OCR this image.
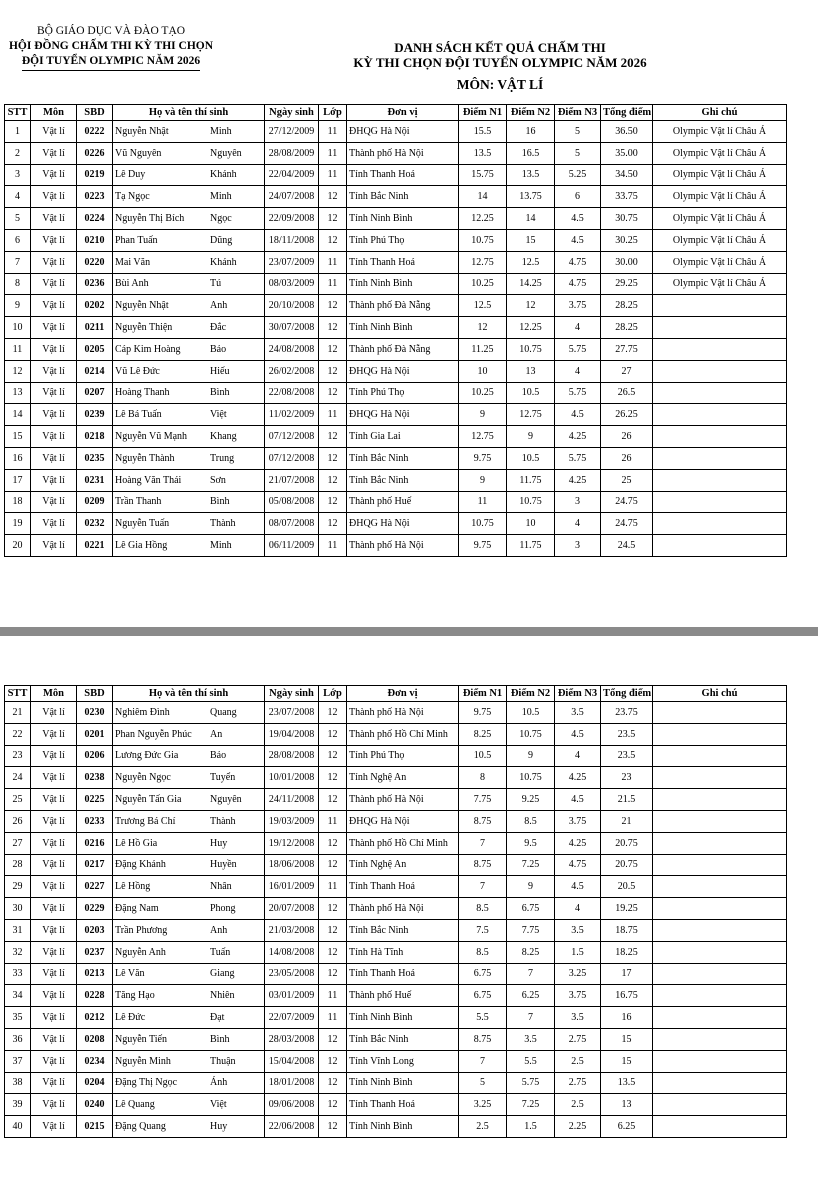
BỘ GIÁO DỤC VÀ ĐÀO TẠO
HỘI ĐỒNG CHẤM THI KỲ THI CHỌN
ĐỘI TUYỂN OLYMPIC NĂM 2026
DANH SÁCH KẾT QUẢ CHẤM THI
KỲ THI CHỌN ĐỘI TUYỂN OLYMPIC NĂM 2026
MÔN: VẬT LÍ
STT	Môn	SBD	Họ và tên thí sinh	Ngày sinh	Lớp	Đơn vị	Điểm N1	Điểm N2	Điểm N3	Tổng điểm	Ghi chú
1	Vật lí	0222	Nguyễn Nhật Minh	27/12/2009	11	ĐHQG Hà Nội	15.5	16	5	36.50	Olympic Vật lí Châu Á
2	Vật lí	0226	Vũ Nguyên Nguyên	28/08/2009	11	Thành phố Hà Nội	13.5	16.5	5	35.00	Olympic Vật lí Châu Á
3	Vật lí	0219	Lê Duy Khánh	22/04/2009	11	Tỉnh Thanh Hoá	15.75	13.5	5.25	34.50	Olympic Vật lí Châu Á
4	Vật lí	0223	Tạ Ngọc Minh	24/07/2008	12	Tỉnh Bắc Ninh	14	13.75	6	33.75	Olympic Vật lí Châu Á
5	Vật lí	0224	Nguyễn Thị Bích Ngọc	22/09/2008	12	Tỉnh Ninh Bình	12.25	14	4.5	30.75	Olympic Vật lí Châu Á
6	Vật lí	0210	Phan Tuấn Dũng	18/11/2008	12	Tỉnh Phú Thọ	10.75	15	4.5	30.25	Olympic Vật lí Châu Á
7	Vật lí	0220	Mai Văn Khánh	23/07/2009	11	Tỉnh Thanh Hoá	12.75	12.5	4.75	30.00	Olympic Vật lí Châu Á
8	Vật lí	0236	Bùi Anh Tú	08/03/2009	11	Tỉnh Ninh Bình	10.25	14.25	4.75	29.25	Olympic Vật lí Châu Á
9	Vật lí	0202	Nguyễn Nhật Anh	20/10/2008	12	Thành phố Đà Nẵng	12.5	12	3.75	28.25	
10	Vật lí	0211	Nguyễn Thiện Đắc	30/07/2008	12	Tỉnh Ninh Bình	12	12.25	4	28.25	
11	Vật lí	0205	Cáp Kim Hoàng Bảo	24/08/2008	12	Thành phố Đà Nẵng	11.25	10.75	5.75	27.75	
12	Vật lí	0214	Vũ Lê Đức Hiếu	26/02/2008	12	ĐHQG Hà Nội	10	13	4	27	
13	Vật lí	0207	Hoàng Thanh Bình	22/08/2008	12	Tỉnh Phú Thọ	10.25	10.5	5.75	26.5	
14	Vật lí	0239	Lê Bá Tuấn Việt	11/02/2009	11	ĐHQG Hà Nội	9	12.75	4.5	26.25	
15	Vật lí	0218	Nguyễn Vũ Mạnh Khang	07/12/2008	12	Tỉnh Gia Lai	12.75	9	4.25	26	
16	Vật lí	0235	Nguyễn Thành Trung	07/12/2008	12	Tỉnh Bắc Ninh	9.75	10.5	5.75	26	
17	Vật lí	0231	Hoàng Văn Thái Sơn	21/07/2008	12	Tỉnh Bắc Ninh	9	11.75	4.25	25	
18	Vật lí	0209	Trần Thanh Bình	05/08/2008	12	Thành phố Huế	11	10.75	3	24.75	
19	Vật lí	0232	Nguyễn Tuấn Thành	08/07/2008	12	ĐHQG Hà Nội	10.75	10	4	24.75	
20	Vật lí	0221	Lê Gia Hồng Minh	06/11/2009	11	Thành phố Hà Nội	9.75	11.75	3	24.5	
STT	Môn	SBD	Họ và tên thí sinh	Ngày sinh	Lớp	Đơn vị	Điểm N1	Điểm N2	Điểm N3	Tổng điểm	Ghi chú
21	Vật lí	0230	Nghiêm Đình Quang	23/07/2008	12	Thành phố Hà Nội	9.75	10.5	3.5	23.75	
22	Vật lí	0201	Phan Nguyễn Phúc An	19/04/2008	12	Thành phố Hồ Chí Minh	8.25	10.75	4.5	23.5	
23	Vật lí	0206	Lương Đức Gia Bảo	28/08/2008	12	Tỉnh Phú Thọ	10.5	9	4	23.5	
24	Vật lí	0238	Nguyễn Ngọc Tuyển	10/01/2008	12	Tỉnh Nghệ An	8	10.75	4.25	23	
25	Vật lí	0225	Nguyễn Tấn Gia Nguyên	24/11/2008	12	Thành phố Hà Nội	7.75	9.25	4.5	21.5	
26	Vật lí	0233	Trương Bá Chí Thành	19/03/2009	11	ĐHQG Hà Nội	8.75	8.5	3.75	21	
27	Vật lí	0216	Lê Hồ Gia Huy	19/12/2008	12	Thành phố Hồ Chí Minh	7	9.5	4.25	20.75	
28	Vật lí	0217	Đặng Khánh Huyền	18/06/2008	12	Tỉnh Nghệ An	8.75	7.25	4.75	20.75	
29	Vật lí	0227	Lê Hồng Nhân	16/01/2009	11	Tỉnh Thanh Hoá	7	9	4.5	20.5	
30	Vật lí	0229	Đặng Nam Phong	20/07/2008	12	Thành phố Hà Nội	8.5	6.75	4	19.25	
31	Vật lí	0203	Trần Phương Anh	21/03/2008	12	Tỉnh Bắc Ninh	7.5	7.75	3.5	18.75	
32	Vật lí	0237	Nguyễn Anh Tuấn	14/08/2008	12	Tỉnh Hà Tĩnh	8.5	8.25	1.5	18.25	
33	Vật lí	0213	Lê Văn Giang	23/05/2008	12	Tỉnh Thanh Hoá	6.75	7	3.25	17	
34	Vật lí	0228	Tăng Hạo Nhiên	03/01/2009	11	Thành phố Huế	6.75	6.25	3.75	16.75	
35	Vật lí	0212	Lê Đức Đạt	22/07/2009	11	Tỉnh Ninh Bình	5.5	7	3.5	16	
36	Vật lí	0208	Nguyễn Tiến Bình	28/03/2008	12	Tỉnh Bắc Ninh	8.75	3.5	2.75	15	
37	Vật lí	0234	Nguyễn Minh Thuận	15/04/2008	12	Tỉnh Vĩnh Long	7	5.5	2.5	15	
38	Vật lí	0204	Đặng Thị Ngọc Ánh	18/01/2008	12	Tỉnh Ninh Bình	5	5.75	2.75	13.5	
39	Vật lí	0240	Lê Quang Việt	09/06/2008	12	Tỉnh Thanh Hoá	3.25	7.25	2.5	13	
40	Vật lí	0215	Đặng Quang Huy	22/06/2008	12	Tỉnh Ninh Bình	2.5	1.5	2.25	6.25	
